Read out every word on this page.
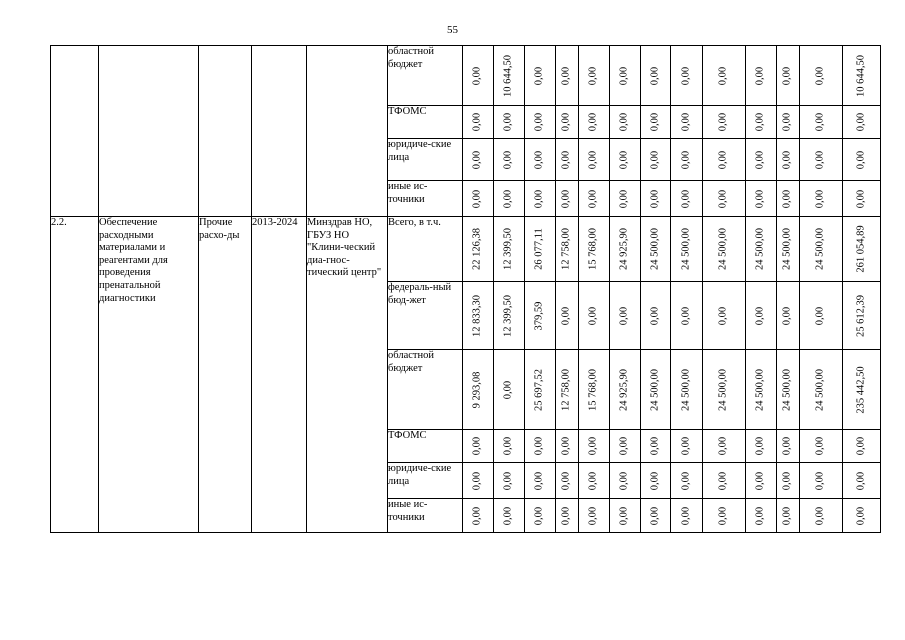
55
					областной бюджет	0,00	10 644,50	0,00	0,00	0,00	0,00	0,00	0,00	0,00	0,00	0,00	0,00	10 644,50

					ТФОМС	0,00	0,00	0,00	0,00	0,00	0,00	0,00	0,00	0,00	0,00	0,00	0,00	0,00

					юридиче-ские лица	0,00	0,00	0,00	0,00	0,00	0,00	0,00	0,00	0,00	0,00	0,00	0,00	0,00

					иные ис-точники	0,00	0,00	0,00	0,00	0,00	0,00	0,00	0,00	0,00	0,00	0,00	0,00	0,00

2.2.	Обеспечение расходными материалами и реагентами для проведения пренатальной диагностики	Прочие расхо-ды	2013-2024	Минздрав НО, ГБУЗ НО "Клини-ческий диа-гнос-тический центр"	Всего, в т.ч.	22 126,38	12 399,50	26 077,11	12 758,00	15 768,00	24 925,90	24 500,00	24 500,00	24 500,00	24 500,00	24 500,00	24 500,00	261 054,89

					федераль-ный бюд-жет	12 833,30	12 399,50	379,59	0,00	0,00	0,00	0,00	0,00	0,00	0,00	0,00	0,00	25 612,39

					областной бюджет	9 293,08	0,00	25 697,52	12 758,00	15 768,00	24 925,90	24 500,00	24 500,00	24 500,00	24 500,00	24 500,00	24 500,00	235 442,50

					ТФОМС	0,00	0,00	0,00	0,00	0,00	0,00	0,00	0,00	0,00	0,00	0,00	0,00	0,00

					юридиче-ские лица	0,00	0,00	0,00	0,00	0,00	0,00	0,00	0,00	0,00	0,00	0,00	0,00	0,00

					иные ис-точники	0,00	0,00	0,00	0,00	0,00	0,00	0,00	0,00	0,00	0,00	0,00	0,00	0,00
